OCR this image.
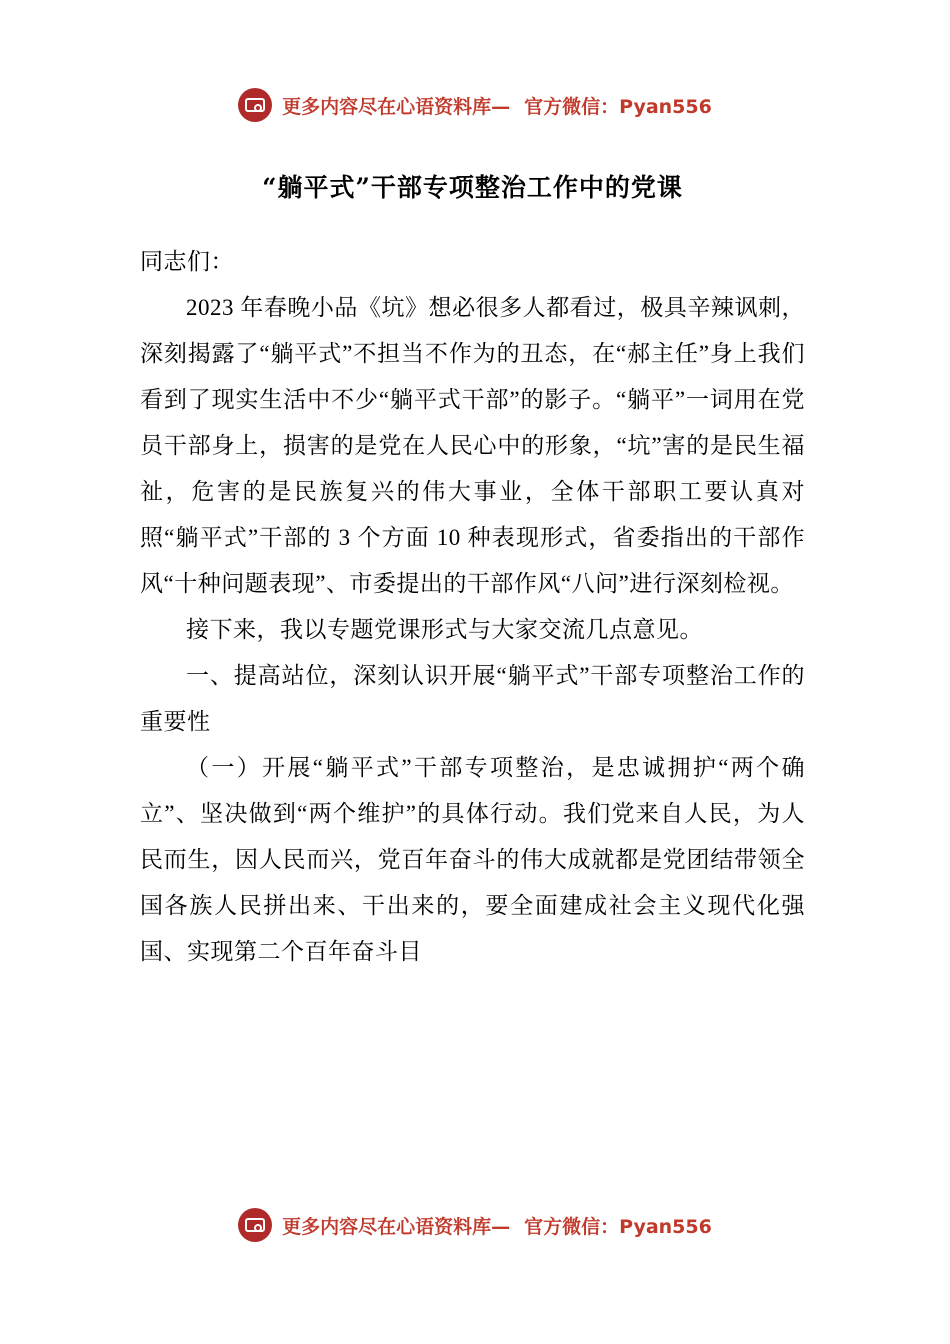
更多内容尽在心语资料库— 官方微信：Pyan556
“躺平式”干部专项整治工作中的党课

同志们：

2023 年春晚小品《坑》想必很多人都看过，极具辛辣讽刺，深刻揭露了“躺平式”不担当不作为的丑态，在“郝主任”身上我们看到了现实生活中不少“躺平式干部”的影子。“躺平”一词用在党员干部身上，损害的是党在人民心中的形象，“坑”害的是民生福祉，危害的是民族复兴的伟大事业，全体干部职工要认真对照“躺平式”干部的 3 个方面 10 种表现形式，省委指出的干部作风“十种问题表现”、市委提出的干部作风“八问”进行深刻检视。

接下来，我以专题党课形式与大家交流几点意见。

一、提高站位，深刻认识开展“躺平式”干部专项整治工作的重要性

（一）开展“躺平式”干部专项整治，是忠诚拥护“两个确立”、坚决做到“两个维护”的具体行动。我们党来自人民，为人民而生，因人民而兴，党百年奋斗的伟大成就都是党团结带领全国各族人民拼出来、干出来的，要全面建成社会主义现代化强国、实现第二个百年奋斗目

更多内容尽在心语资料库— 官方微信：Pyan556
